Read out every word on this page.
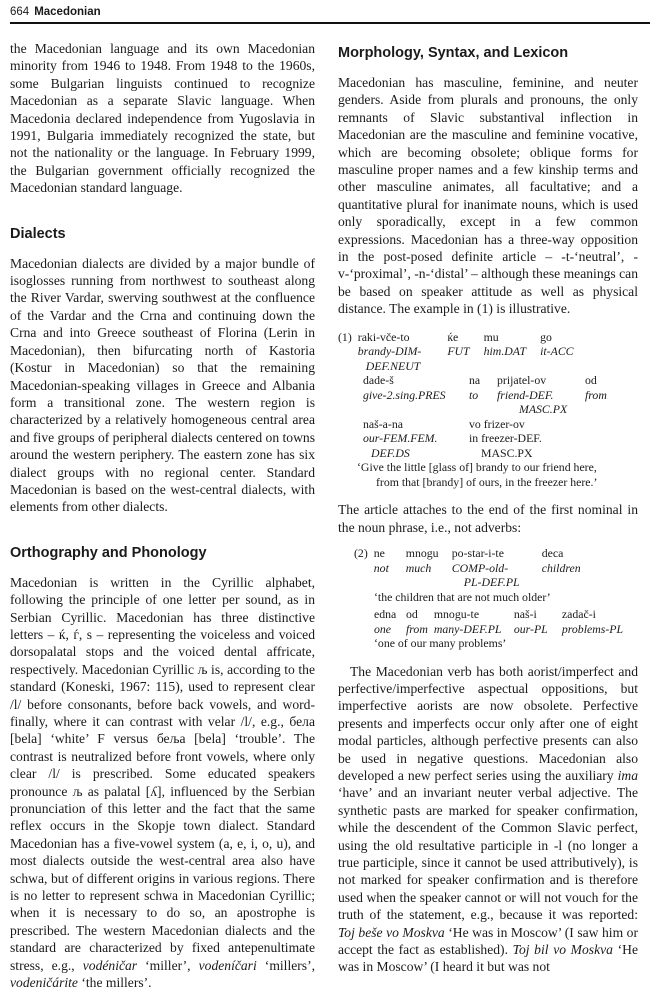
664 Macedonian

the Macedonian language and its own Macedonian minority from 1946 to 1948. From 1948 to the 1960s, some Bulgarian linguists continued to recognize Macedonian as a separate Slavic language. When Macedonia declared independence from Yugoslavia in 1991, Bulgaria immediately recognized the state, but not the nationality or the language. In February 1999, the Bulgarian government officially recognized the Macedonian standard language.

Dialects

Macedonian dialects are divided by a major bundle of isoglosses running from northwest to southeast along the River Vardar, swerving southwest at the confluence of the Vardar and the Crna and continuing down the Crna and into Greece southeast of Florina (Lerin in Macedonian), then bifurcating north of Kastoria (Kostur in Macedonian) so that the remaining Macedonian-speaking villages in Greece and Albania form a transitional zone. The western region is characterized by a relatively homogeneous central area and five groups of peripheral dialects centered on towns around the western periphery. The eastern zone has six dialect groups with no regional center. Standard Macedonian is based on the west-central dialects, with elements from other dialects.

Orthography and Phonology

Macedonian is written in the Cyrillic alphabet, following the principle of one letter per sound, as in Serbian Cyrillic. Macedonian has three distinctive letters – ќ, ѓ, ѕ – representing the voiceless and voiced dorsopalatal stops and the voiced dental affricate, respectively. Macedonian Cyrillic љ is, according to the standard (Koneski, 1967: 115), used to represent clear /l/ before consonants, before back vowels, and word-finally, where it can contrast with velar /l/, e.g., бела [bela] ‘white’ F versus беља [bela] ‘trouble’. The contrast is neutralized before front vowels, where only clear /l/ is prescribed. Some educated speakers pronounce љ as palatal [ʎ], influenced by the Serbian pronunciation of this letter and the fact that the same reflex occurs in the Skopje town dialect. Standard Macedonian has a five-vowel system (a, e, i, o, u), and most dialects outside the west-central area also have schwa, but of different origins in various regions. There is no letter to represent schwa in Macedonian Cyrillic; when it is necessary to do so, an apostrophe is prescribed. The western Macedonian dialects and the standard are characterized by fixed antepenultimate stress, e.g., vodéničar ‘miller’, vodeníčari ‘millers’, vodeničárite ‘the millers’.

Morphology, Syntax, and Lexicon

Macedonian has masculine, feminine, and neuter genders. Aside from plurals and pronouns, the only remnants of Slavic substantival inflection in Macedonian are the masculine and feminine vocative, which are becoming obsolete; oblique forms for masculine proper names and a few kinship terms and other masculine animates, all facultative; and a quantitative plural for inanimate nouns, which is used only sporadically, except in a few common expressions. Macedonian has a three-way opposition in the post-posed definite article – -t-‘neutral’, -v-‘proximal’, -n-‘distal’ – although these meanings can be based on speaker attitude as well as physical distance. The example in (1) is illustrative.

(1)	raki-vče-to	ќe	mu	go
	brandy-DIM-	FUT	him.DAT	it-ACC
	DEF.NEUT			
	dade-š	na	prijatel-ov	od
	give-2.sing.PRES	to	friend-DEF.	from
			MASC.PX	
	naš-a-na	vo frizer-ov		
	our-FEM.FEM.	in freezer-DEF.		
	DEF.DS	MASC.PX		
‘Give the little [glass of] brandy to our friend here,
from that [brandy] of ours, in the freezer here.’

The article attaches to the end of the first nominal in the noun phrase, i.e., not adverbs:

(2)	ne	mnogu	po-star-i-te	deca
	not	much	COMP-old-	children
			PL-DEF.PL	
‘the children that are not much older’
	edna	od	mnogu-te	naš-i	zadač-i
	one	from	many-DEF.PL	our-PL	problems-PL
‘one of our many problems’

The Macedonian verb has both aorist/imperfect and perfective/imperfective aspectual oppositions, but imperfective aorists are now obsolete. Perfective presents and imperfects occur only after one of eight modal particles, although perfective presents can also be used in negative questions. Macedonian also developed a new perfect series using the auxiliary ima ‘have’ and an invariant neuter verbal adjective. The synthetic pasts are marked for speaker confirmation, while the descendent of the Common Slavic perfect, using the old resultative participle in -l (no longer a true participle, since it cannot be used attributively), is not marked for speaker confirmation and is therefore used when the speaker cannot or will not vouch for the truth of the statement, e.g., because it was reported: Toj beše vo Moskva ‘He was in Moscow’ (I saw him or accept the fact as established). Toj bil vo Moskva ‘He was in Moscow’ (I heard it but was not
